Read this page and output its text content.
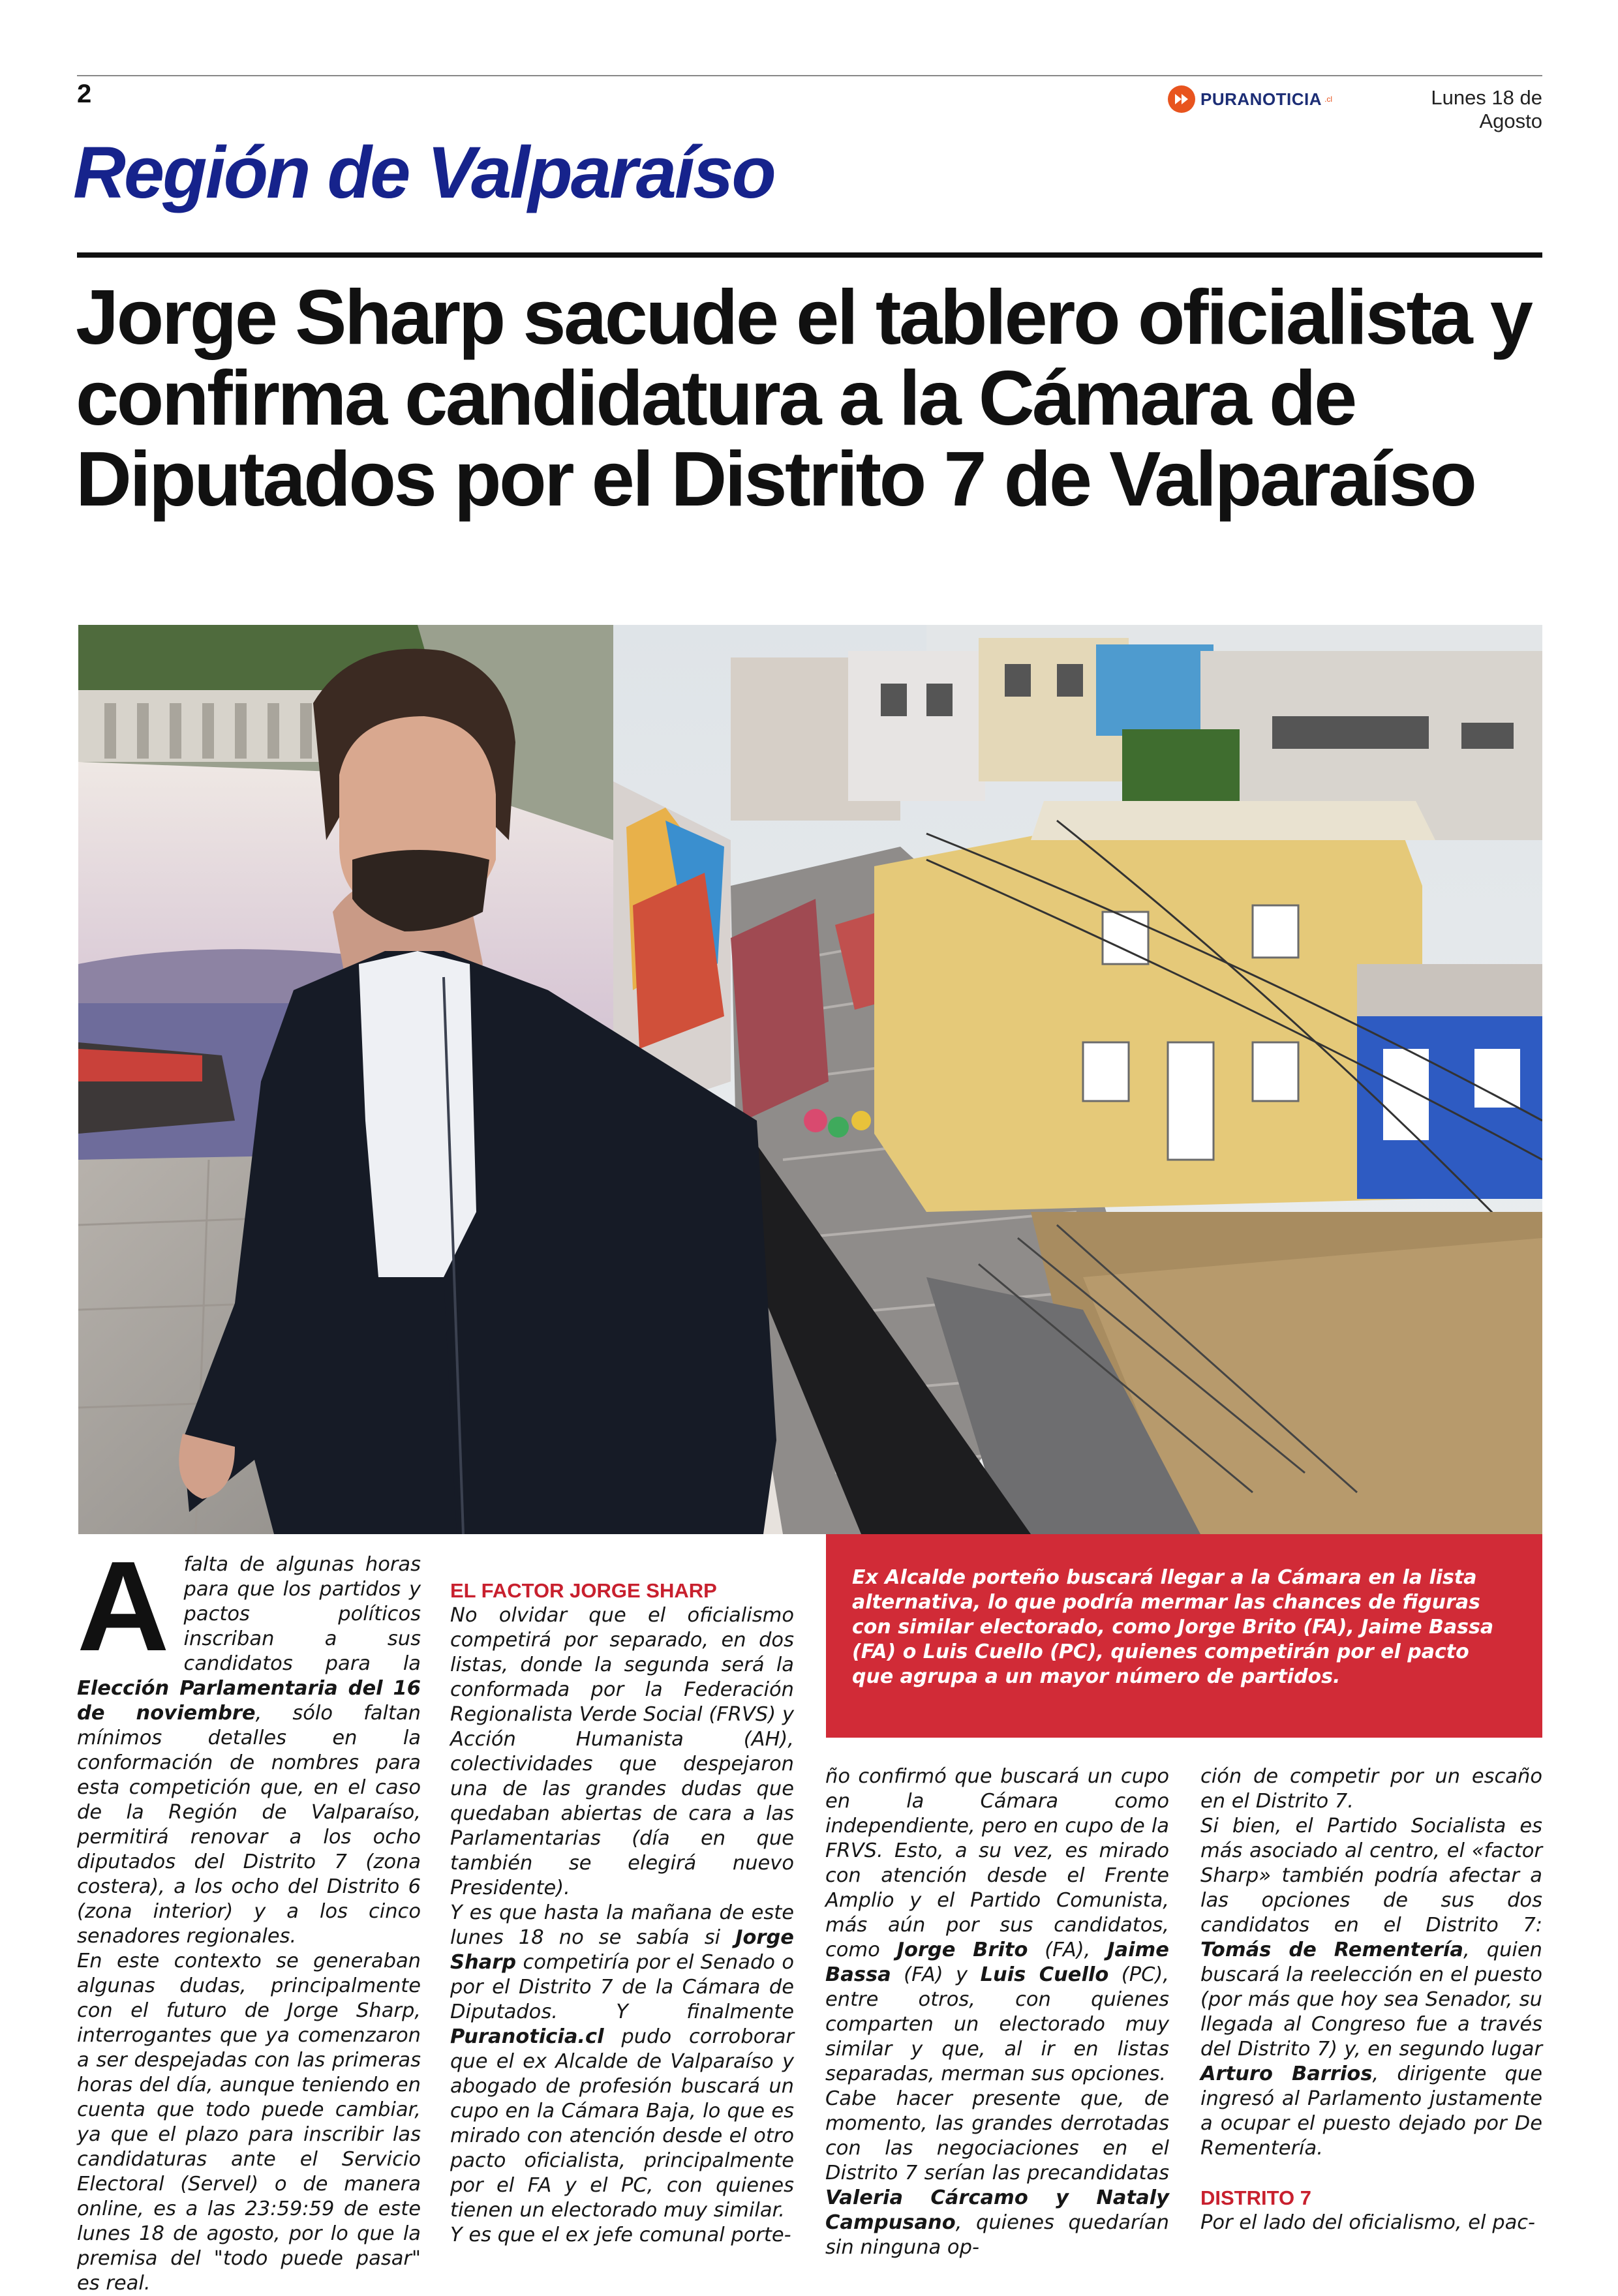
2	PURANOTICIA .cl	Lunes 18 de Agosto
Región de Valparaíso
Jorge Sharp sacude el tablero oficialista y confirma candidatura a la Cámara de Diputados por el Distrito 7 de Valparaíso

Ex Alcalde porteño buscará llegar a la Cámara en la lista alternativa, lo que podría mermar las chances de figuras con similar electorado, como Jorge Brito (FA), Jaime Bassa (FA) o Luis Cuello (PC), quienes competirán por el pacto que agrupa a un mayor número de partidos.

A falta de algunas horas para que los partidos y pactos políticos inscriban a sus candidatos para la Elección Parlamentaria del 16 de noviembre, sólo faltan mínimos detalles en la conformación de nombres para esta competición que, en el caso de la Región de Valparaíso, permitirá renovar a los ocho diputados del Distrito 7 (zona costera), a los ocho del Distrito 6 (zona interior) y a los cinco senadores regionales.

En este contexto se generaban algunas dudas, principalmente con el futuro de Jorge Sharp, interrogantes que ya comenzaron a ser despejadas con las primeras horas del día, aunque teniendo en cuenta que todo puede cambiar, ya que el plazo para inscribir las candidaturas ante el Servicio Electoral (Servel) o de manera online, es a las 23:59:59 de este lunes 18 de agosto, por lo que la premisa del "todo puede pasar" es real.

EL FACTOR JORGE SHARP

No olvidar que el oficialismo competirá por separado, en dos listas, donde la segunda será la conformada por la Federación Regionalista Verde Social (FRVS) y Acción Humanista (AH), colectividades que despejaron una de las grandes dudas que quedaban abiertas de cara a las Parlamentarias (día en que también se elegirá nuevo Presidente).

Y es que hasta la mañana de este lunes 18 no se sabía si Jorge Sharp competiría por el Senado o por el Distrito 7 de la Cámara de Diputados. Y finalmente Puranoticia.cl pudo corroborar que el ex Alcalde de Valparaíso y abogado de profesión buscará un cupo en la Cámara Baja, lo que es mirado con atención desde el otro pacto oficialista, principalmente por el FA y el PC, con quienes tienen un electorado muy similar.

Y es que el ex jefe comunal porte-

ño confirmó que buscará un cupo en la Cámara como independiente, pero en cupo de la FRVS. Esto, a su vez, es mirado con atención desde el Frente Amplio y el Partido Comunista, más aún por sus candidatos, como Jorge Brito (FA), Jaime Bassa (FA) y Luis Cuello (PC), entre otros, con quienes comparten un electorado muy similar y que, al ir en listas separadas, merman sus opciones.

Cabe hacer presente que, de momento, las grandes derrotadas con las negociaciones en el Distrito 7 serían las precandidatas Valeria Cárcamo y Nataly Campusano, quienes quedarían sin ninguna op-

ción de competir por un escaño en el Distrito 7.

Si bien, el Partido Socialista es más asociado al centro, el «factor Sharp» también podría afectar a las opciones de sus dos candidatos en el Distrito 7: Tomás de Rementería, quien buscará la reelección en el puesto (por más que hoy sea Senador, su llegada al Congreso fue a través del Distrito 7) y, en segundo lugar Arturo Barrios, dirigente que ingresó al Parlamento justamente a ocupar el puesto dejado por De Rementería.

DISTRITO 7

Por el lado del oficialismo, el pac-
